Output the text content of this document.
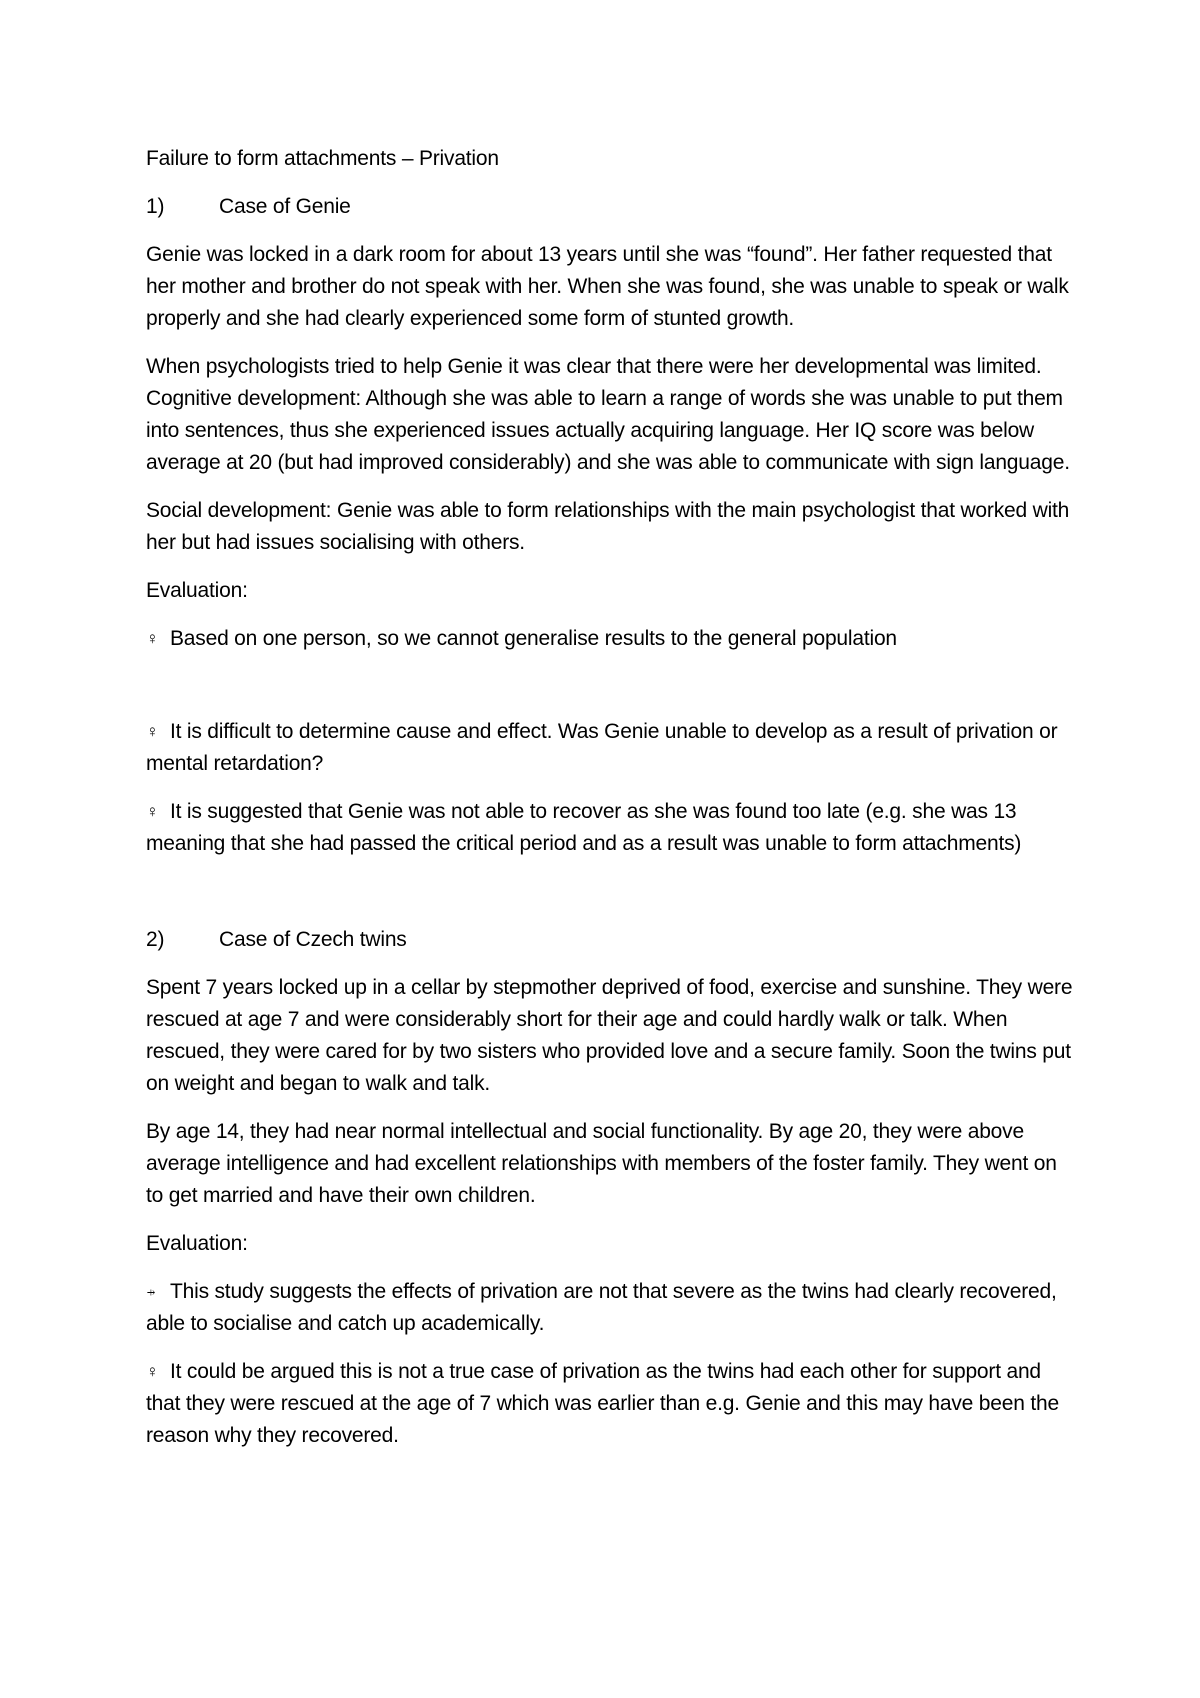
Failure to form attachments – Privation

1)	Case of Genie

Genie was locked in a dark room for about 13 years until she was “found”. Her father requested that her mother and brother do not speak with her. When she was found, she was unable to speak or walk properly and she had clearly experienced some form of stunted growth.

When psychologists tried to help Genie it was clear that there were her developmental was limited. Cognitive development: Although she was able to learn a range of words she was unable to put them into sentences, thus she experienced issues actually acquiring language. Her IQ score was below average at 20 (but had improved considerably) and she was able to communicate with sign language.

Social development: Genie was able to form relationships with the main psychologist that worked with her but had issues socialising with others.

Evaluation:

♀ Based on one person, so we cannot generalise results to the general population

♀ It is difficult to determine cause and effect. Was Genie unable to develop as a result of privation or mental retardation?

♀ It is suggested that Genie was not able to recover as she was found too late (e.g. she was 13 meaning that she had passed the critical period and as a result was unable to form attachments)

2)	Case of Czech twins

Spent 7 years locked up in a cellar by stepmother deprived of food, exercise and sunshine. They were rescued at age 7 and were considerably short for their age and could hardly walk or talk. When rescued, they were cared for by two sisters who provided love and a secure family. Soon the twins put on weight and began to walk and talk.

By age 14, they had near normal intellectual and social functionality. By age 20, they were above average intelligence and had excellent relationships with members of the foster family. They went on to get married and have their own children.

Evaluation:

⍆ This study suggests the effects of privation are not that severe as the twins had clearly recovered, able to socialise and catch up academically.

♀ It could be argued this is not a true case of privation as the twins had each other for support and that they were rescued at the age of 7 which was earlier than e.g. Genie and this may have been the reason why they recovered.
